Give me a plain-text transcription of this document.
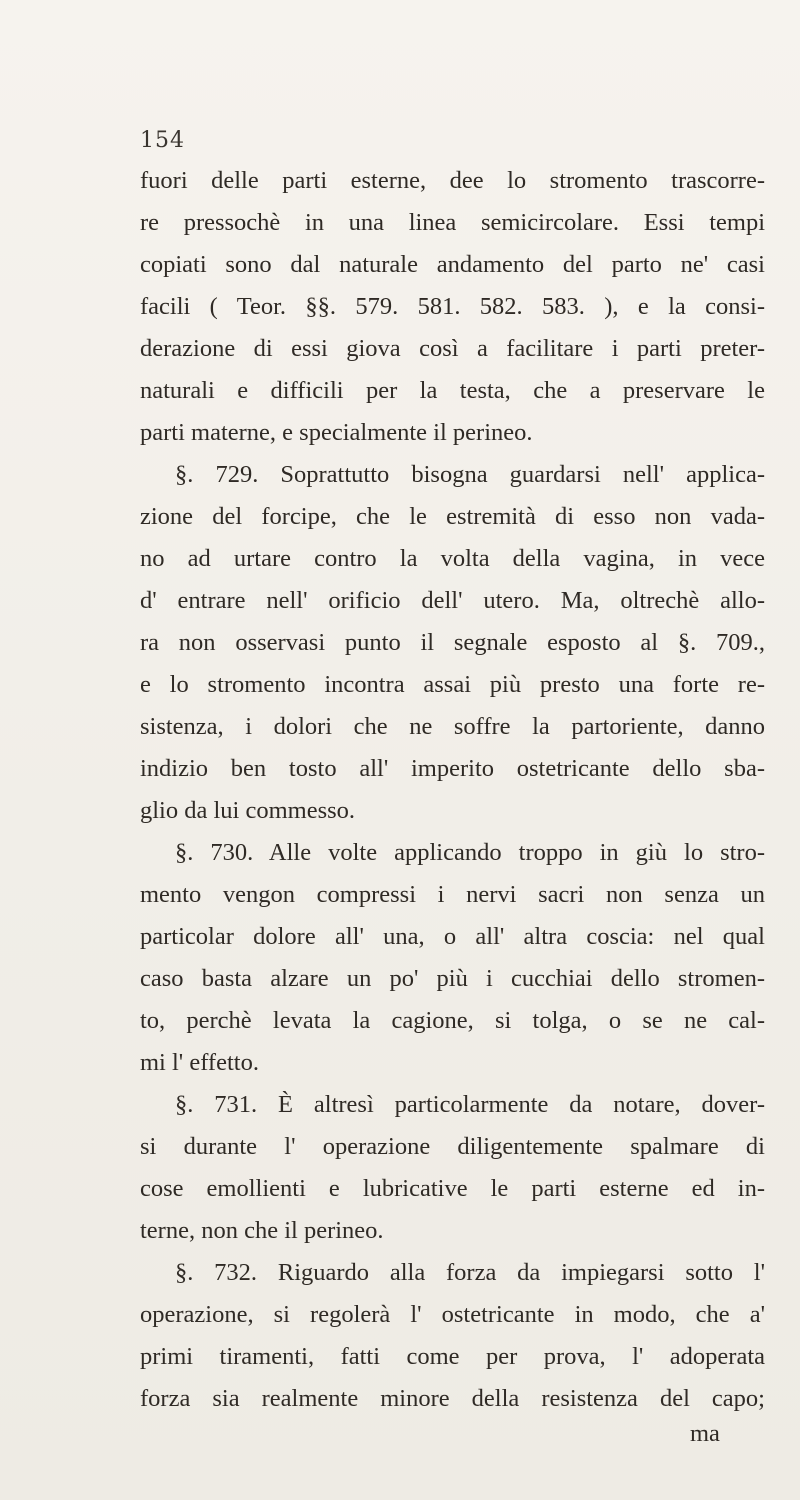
154
fuori delle parti esterne, dee lo stromento trascorre-
re pressochè in una linea semicircolare. Essi tempi
copiati sono dal naturale andamento del parto ne' casi
facili ( Teor. §§. 579. 581. 582. 583. ), e la consi-
derazione di essi giova così a facilitare i parti preter-
naturali e difficili per la testa, che a preservare le
parti materne, e specialmente il perineo.
§. 729. Soprattutto bisogna guardarsi nell' applica-
zione del forcipe, che le estremità di esso non vada-
no ad urtare contro la volta della vagina, in vece
d' entrare nell' orificio dell' utero. Ma, oltrechè allo-
ra non osservasi punto il segnale esposto al §. 709.,
e lo stromento incontra assai più presto una forte re-
sistenza, i dolori che ne soffre la partoriente, danno
indizio ben tosto all' imperito ostetricante dello sba-
glio da lui commesso.
§. 730. Alle volte applicando troppo in giù lo stro-
mento vengon compressi i nervi sacri non senza un
particolar dolore all' una, o all' altra coscia: nel qual
caso basta alzare un po' più i cucchiai dello stromen-
to, perchè levata la cagione, si tolga, o se ne cal-
mi l' effetto.
§. 731. È altresì particolarmente da notare, dover-
si durante l' operazione diligentemente spalmare di
cose emollienti e lubricative le parti esterne ed in-
terne, non che il perineo.
§. 732. Riguardo alla forza da impiegarsi sotto l'
operazione, si regolerà l' ostetricante in modo, che a'
primi tiramenti, fatti come per prova, l' adoperata
forza sia realmente minore della resistenza del capo;
ma
